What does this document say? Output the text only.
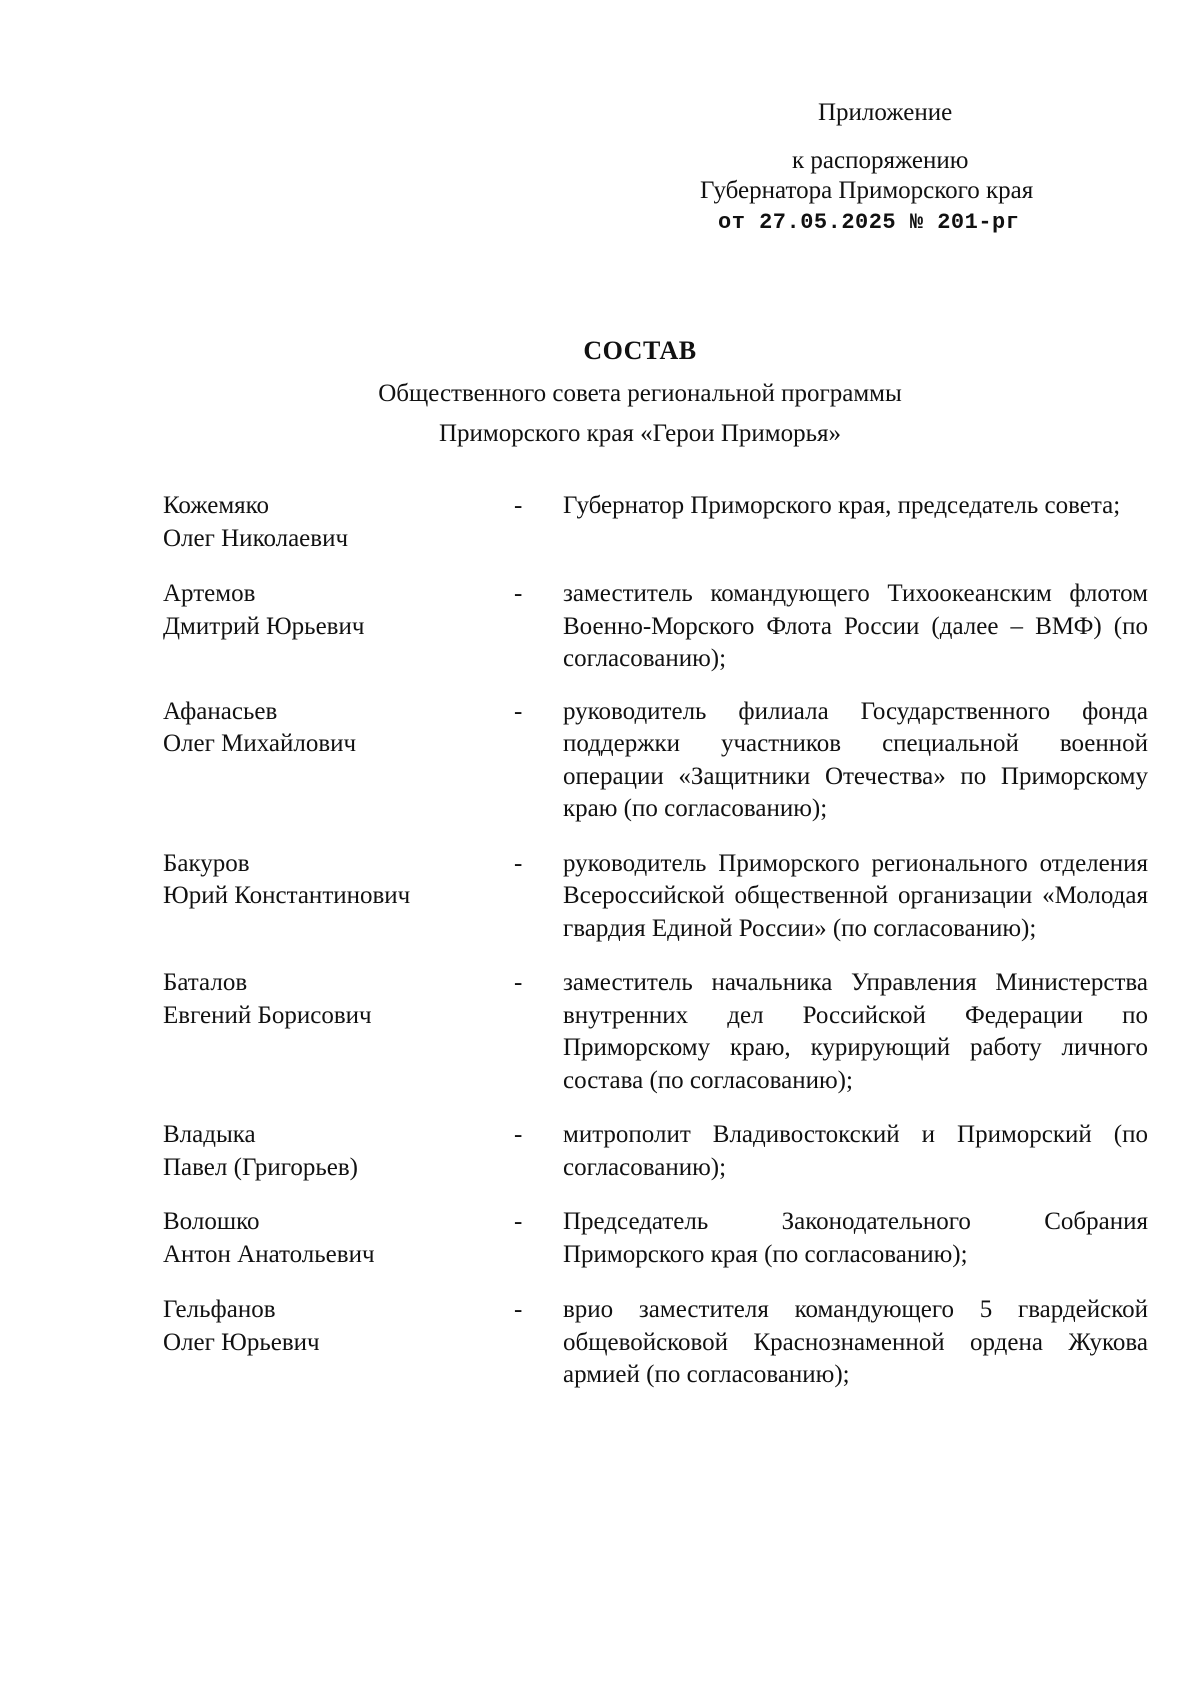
Приложение
к распоряжению
Губернатора Приморского края
от 27.05.2025 № 201-рг
СОСТАВ
Общественного совета региональной программы
Приморского края «Герои Приморья»
Кожемяко
Олег Николаевич
-	Губернатор Приморского края, председатель совета;
Артемов
Дмитрий Юрьевич
-	заместитель командующего Тихоокеанским флотом Военно-Морского Флота России (далее – ВМФ) (по согласованию);
Афанасьев
Олег Михайлович
-	руководитель филиала Государственного фонда поддержки участников специальной военной операции «Защитники Отечества» по Приморскому краю (по согласованию);
Бакуров
Юрий Константинович
-	руководитель Приморского регионального отделения Всероссийской общественной организации «Молодая гвардия Единой России» (по согласованию);
Баталов
Евгений Борисович
-	заместитель начальника Управления Министерства внутренних дел Российской Федерации по Приморскому краю, курирующий работу личного состава (по согласованию);
Владыка
Павел (Григорьев)
-	митрополит Владивостокский и Приморский (по согласованию);
Волошко
Антон Анатольевич
-	Председатель Законодательного Собрания Приморского края (по согласованию);
Гельфанов
Олег Юрьевич
-	врио заместителя командующего 5 гвардейской общевойсковой Краснознаменной ордена Жукова армией (по согласованию);
